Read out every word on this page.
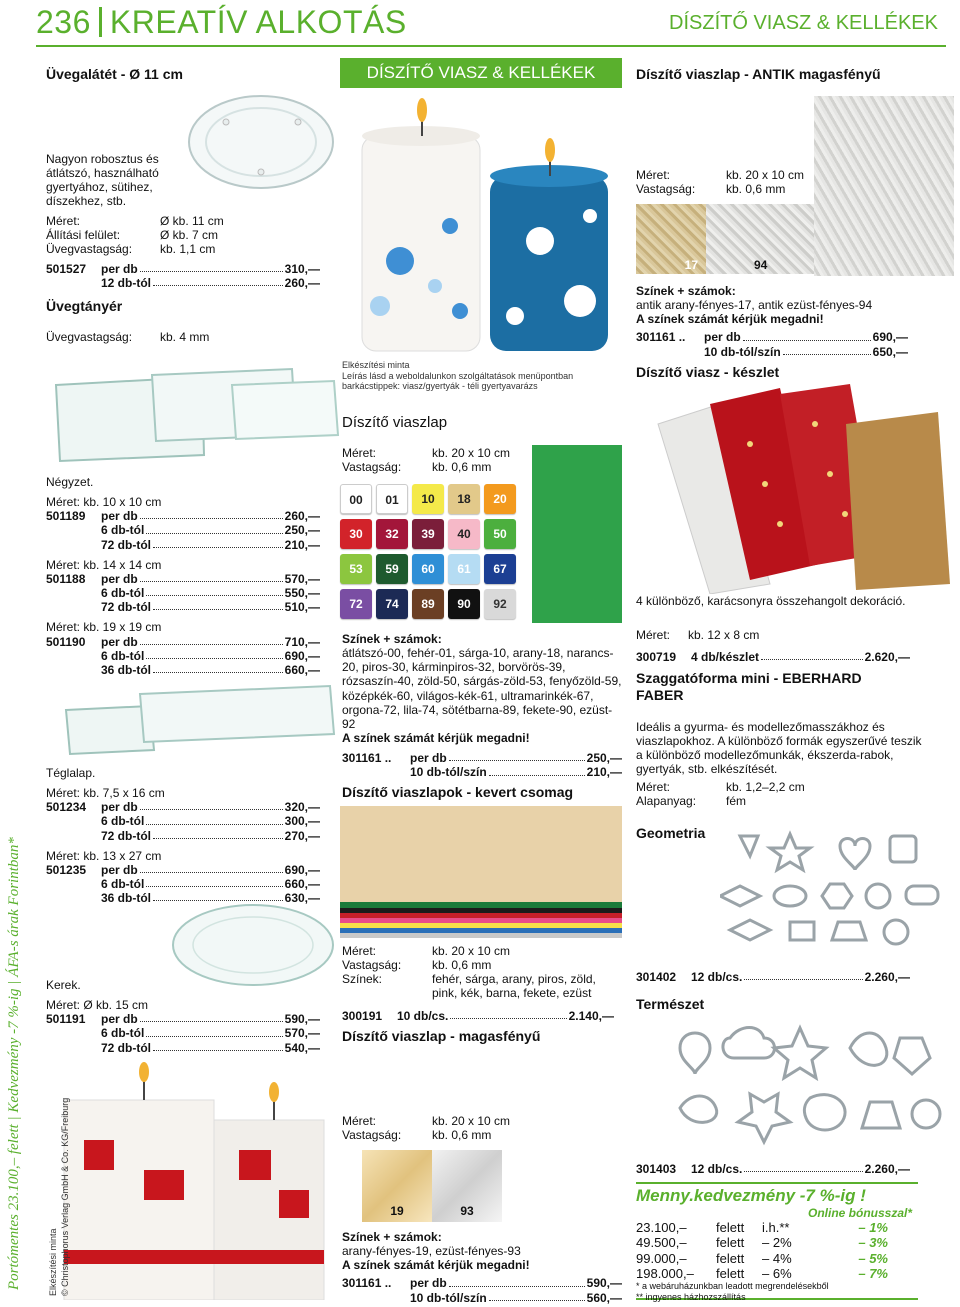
236 KREATÍV ALKOTÁS	DÍSZÍTŐ VIASZ & KELLÉKEK
Portómentes 23.100,– felett | Kedvezmény -7 %-ig | ÁFA-s árak Forintban*
Üvegalátét - Ø 11 cm
Nagyon robosztus és átlátszó, használható gyertyához, sütihez, díszekhez, stb.
Méret:	Ø kb. 11 cm
Állítási felület:	Ø kb. 7 cm
Üvegvastagság:	kb. 1,1 cm
501527	per db	310,—
12 db-tól	260,—
Üvegtányér
Üvegvastagság:	kb. 4 mm
Négyzet.
Méret: kb. 10 x 10 cm
501189	per db	260,—
6 db-tól	250,—
72 db-tól	210,—
Méret: kb. 14 x 14 cm
501188	per db	570,—
6 db-tól	550,—
72 db-tól	510,—
Méret: kb. 19 x 19 cm
501190	per db	710,—
6 db-tól	690,—
36 db-tól	660,—
Téglalap.
Méret: kb. 7,5 x 16 cm
501234	per db	320,—
6 db-tól	300,—
72 db-tól	270,—
Méret: kb. 13 x 27 cm
501235	per db	690,—
6 db-tól	660,—
36 db-tól	630,—
Kerek.
Méret: Ø kb. 15 cm
501191	per db	590,—
6 db-tól	570,—
72 db-tól	540,—
Elkészítési minta © Christophorus Verlag GmbH & Co. KG/Freiburg
DÍSZÍTŐ VIASZ & KELLÉKEK
Elkészítési minta
Leírás lásd a weboldalunkon szolgáltatások menüpontban barkácstippek: viasz/gyertyák - téli gyertyavarázs
Díszítő viaszlap
Méret:	kb. 20 x 10 cm
Vastagság:	kb. 0,6 mm
00	01	10	18	20
30	32	39	40	50
53	59	60	61	67
72	74	89	90	92
Színek + számok:
átlátszó-00, fehér-01, sárga-10, arany-18, narancs-20, piros-30, kárminpiros-32, borvörös-39, rózsaszín-40, zöld-50, sárgás-zöld-53, fenyőzöld-59, középkék-60, világos-kék-61, ultramarinkék-67, orgona-72, lila-74, sötétbarna-89, fekete-90, ezüst-92
A színek számát kérjük megadni!
301161 ..	per db	250,—
10 db-tól/szín	210,—
Díszítő viaszlapok - kevert csomag
Méret:	kb. 20 x 10 cm
Vastagság:	kb. 0,6 mm
Színek:	fehér, sárga, arany, piros, zöld, pink, kék, barna, fekete, ezüst
300191	10 db/cs.	2.140,—
Díszítő viaszlap - magasfényű
Méret:	kb. 20 x 10 cm
Vastagság:	kb. 0,6 mm
19	93
Színek + számok:
arany-fényes-19, ezüst-fényes-93
A színek számát kérjük megadni!
301161 ..	per db	590,—
10 db-tól/szín	560,—
Díszítő viaszlap - ANTIK magasfényű
Méret:	kb. 20 x 10 cm
Vastagság:	kb. 0,6 mm
17	94
Színek + számok:
antik arany-fényes-17, antik ezüst-fényes-94
A színek számát kérjük megadni!
301161 ..	per db	690,—
10 db-tól/szín	650,—
Díszítő viasz - készlet
4 különböző, karácsonyra összehangolt dekoráció.
Méret:	kb. 12 x 8 cm
300719	4 db/készlet	2.620,—
Szaggatóforma mini - EBERHARD FABER
Ideális a gyurma- és modellezőmasszákhoz és viaszlapokhoz. A különböző formák egyszerűvé teszik a különböző modellezőmunkák, ékszerda-rabok, gyertyák, stb. elkészítését.
Méret:	kb. 1,2–2,2 cm
Alapanyag:	fém
Geometria
301402	12 db/cs.	2.260,—
Természet
301403	12 db/cs.	2.260,—
Menny.kedvezmény -7 %-ig !
Online bónusszal*
23.100,–	felett	i.h.**	– 1%
49.500,–	felett	– 2%	– 3%
99.000,–	felett	– 4%	– 5%
198.000,–	felett	– 6%	– 7%
* a webáruházunkban leadott megrendelésekből
** ingyenes házhozszállítás
